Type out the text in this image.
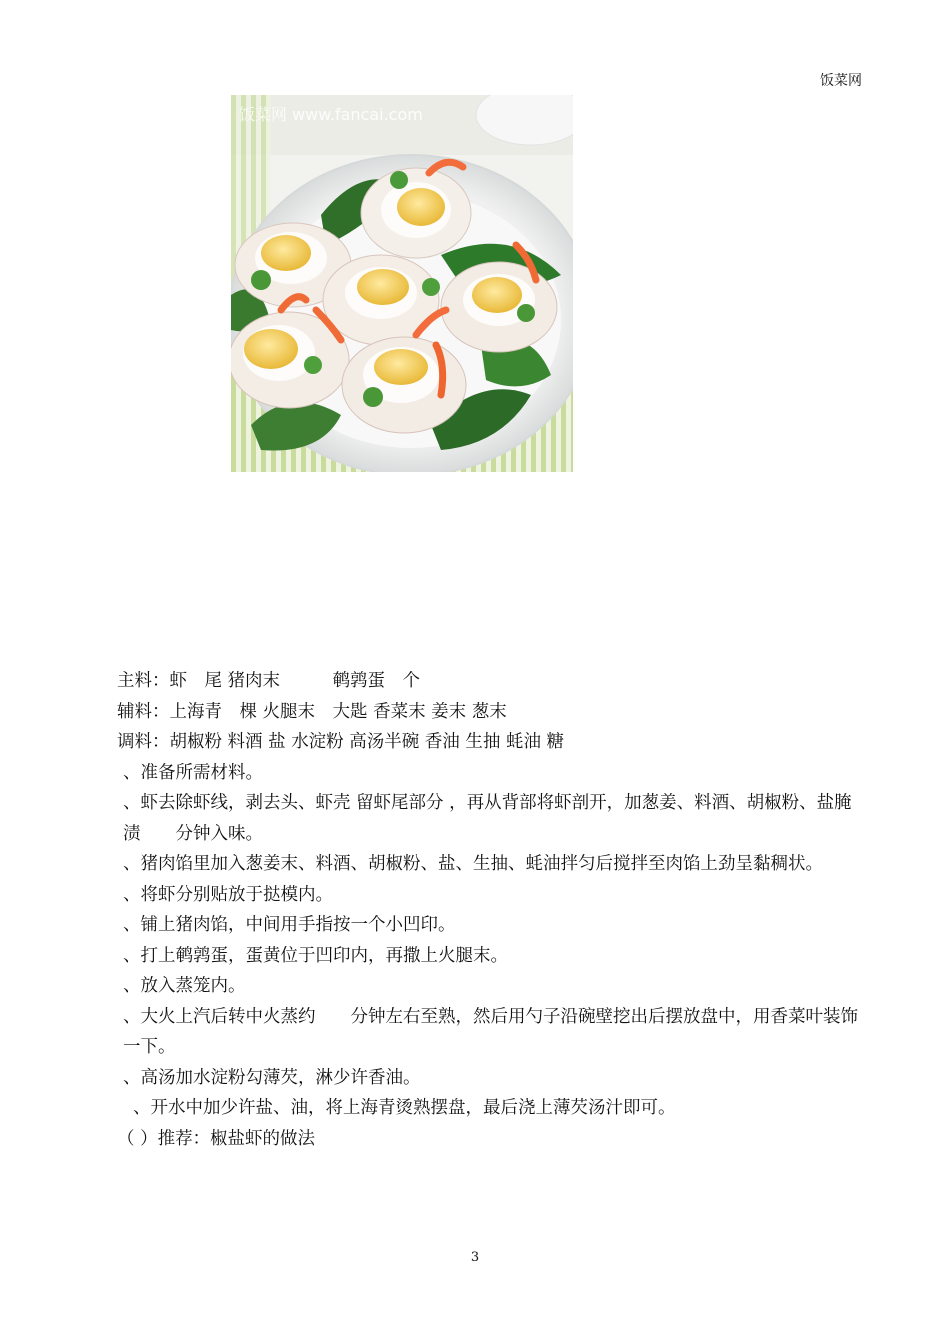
饭菜网
饭菜网 www.fancai.com

主料：虾　尾 猪肉末　　　鹌鹑蛋　个

辅料：上海青　棵 火腿末　大匙 香菜末 姜末 葱末

调料：胡椒粉 料酒 盐 水淀粉 高汤半碗 香油 生抽 蚝油 糖

、准备所需材料。

、虾去除虾线，剥去头、虾壳 留虾尾部分 ，再从背部将虾剖开，加葱姜、料酒、胡椒粉、盐腌渍　　分钟入味。

、猪肉馅里加入葱姜末、料酒、胡椒粉、盐、生抽、蚝油拌匀后搅拌至肉馅上劲呈黏稠状。

、将虾分别贴放于挞模内。

、铺上猪肉馅，中间用手指按一个小凹印。

、打上鹌鹑蛋，蛋黄位于凹印内，再撒上火腿末。

、放入蒸笼内。

、大火上汽后转中火蒸约　　分钟左右至熟，然后用勺子沿碗壁挖出后摆放盘中，用香菜叶装饰一下。

、高汤加水淀粉勾薄芡，淋少许香油。

、开水中加少许盐、油，将上海青烫熟摆盘，最后浇上薄芡汤汁即可。

（ ）推荐：椒盐虾的做法

3
